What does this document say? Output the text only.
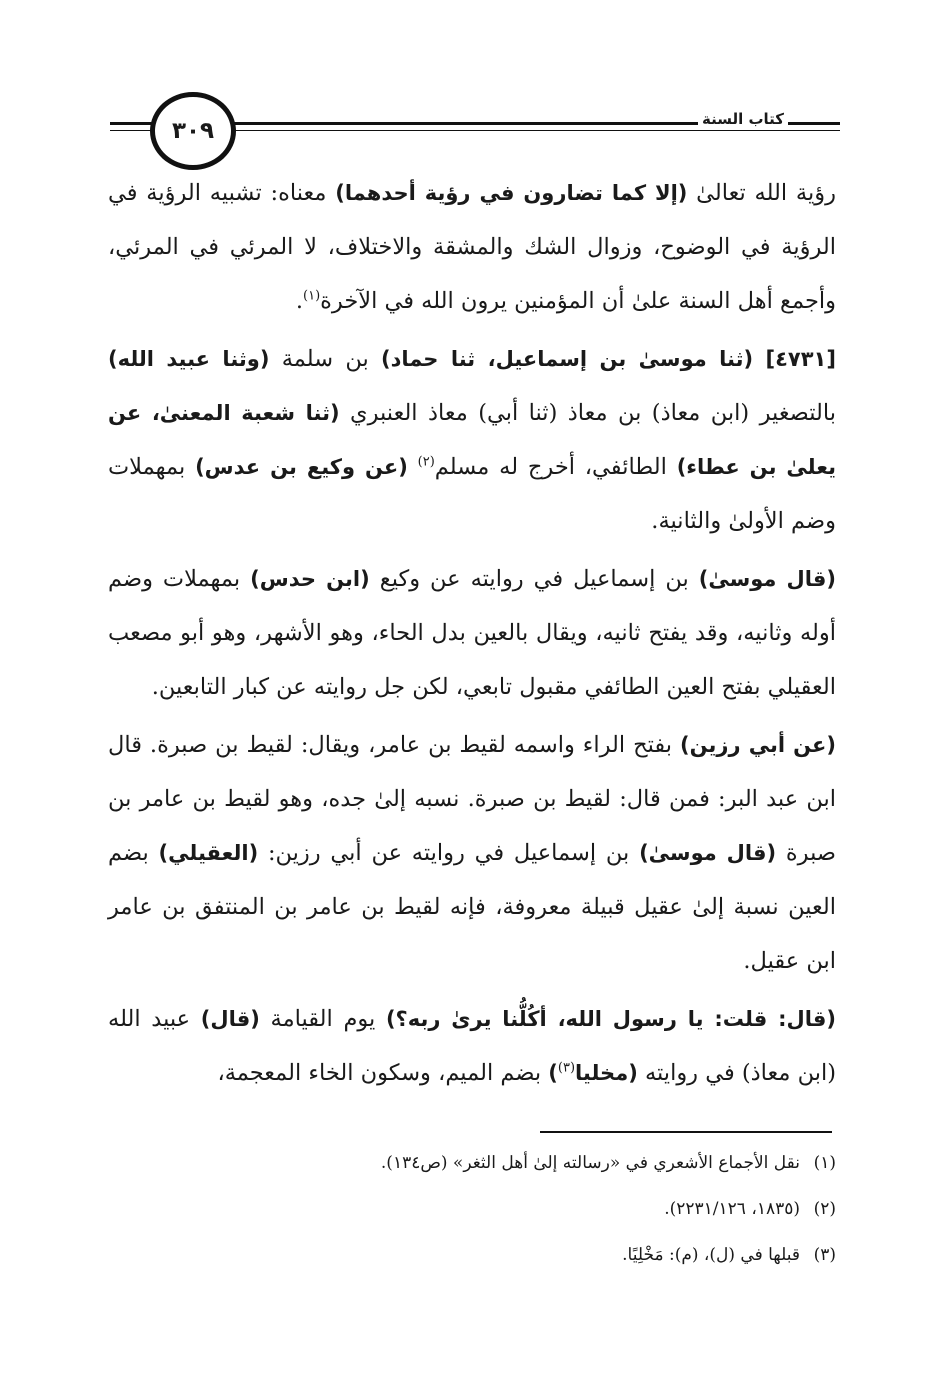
٣٠٩	كتاب السنة

رؤية الله تعالىٰ (إلا كما تضارون في رؤية أحدهما) معناه: تشبيه الرؤية في الرؤية في الوضوح، وزوال الشك والمشقة والاختلاف، لا المرئي في المرئي، وأجمع أهل السنة علىٰ أن المؤمنين يرون الله في الآخرة$^{(١)}$.

[٤٧٣١] (ثنا موسىٰ بن إسماعيل، ثنا حماد) بن سلمة (وثنا عبيد الله) بالتصغير (ابن معاذ) بن معاذ (ثنا أبي) معاذ العنبري (ثنا شعبة المعنىٰ، عن يعلىٰ بن عطاء) الطائفي، أخرج له مسلم$^{(٢)}$ (عن وكيع بن عدس) بمهملات وضم الأولىٰ والثانية.

(قال موسىٰ) بن إسماعيل في روايته عن وكيع (ابن حدس) بمهملات وضم أوله وثانيه، وقد يفتح ثانيه، ويقال بالعين بدل الحاء، وهو الأشهر، وهو أبو مصعب العقيلي بفتح العين الطائفي مقبول تابعي، لكن جل روايته عن كبار التابعين.

(عن أبي رزين) بفتح الراء واسمه لقيط بن عامر، ويقال: لقيط بن صبرة. قال ابن عبد البر: فمن قال: لقيط بن صبرة. نسبه إلىٰ جده، وهو لقيط بن عامر بن صبرة (قال موسىٰ) بن إسماعيل في روايته عن أبي رزين: (العقيلي) بضم العين نسبة إلىٰ عقيل قبيلة معروفة، فإنه لقيط بن عامر بن المنتفق بن عامر ابن عقيل.

(قال: قلت: يا رسول الله، أكُلُّنا يرىٰ ربه؟) يوم القيامة (قال) عبيد الله (ابن معاذ) في روايته (مخليا$^{(٣)}$) بضم الميم، وسكون الخاء المعجمة،

(١)نقل الأجماع الأشعري في «رسالته إلىٰ أهل الثغر» (ص١٣٤).

(٢)(١٨٣٥، ٢٢٣١/١٢٦).

(٣)قبلها في (ل)، (م): مَخْلِيًا.
